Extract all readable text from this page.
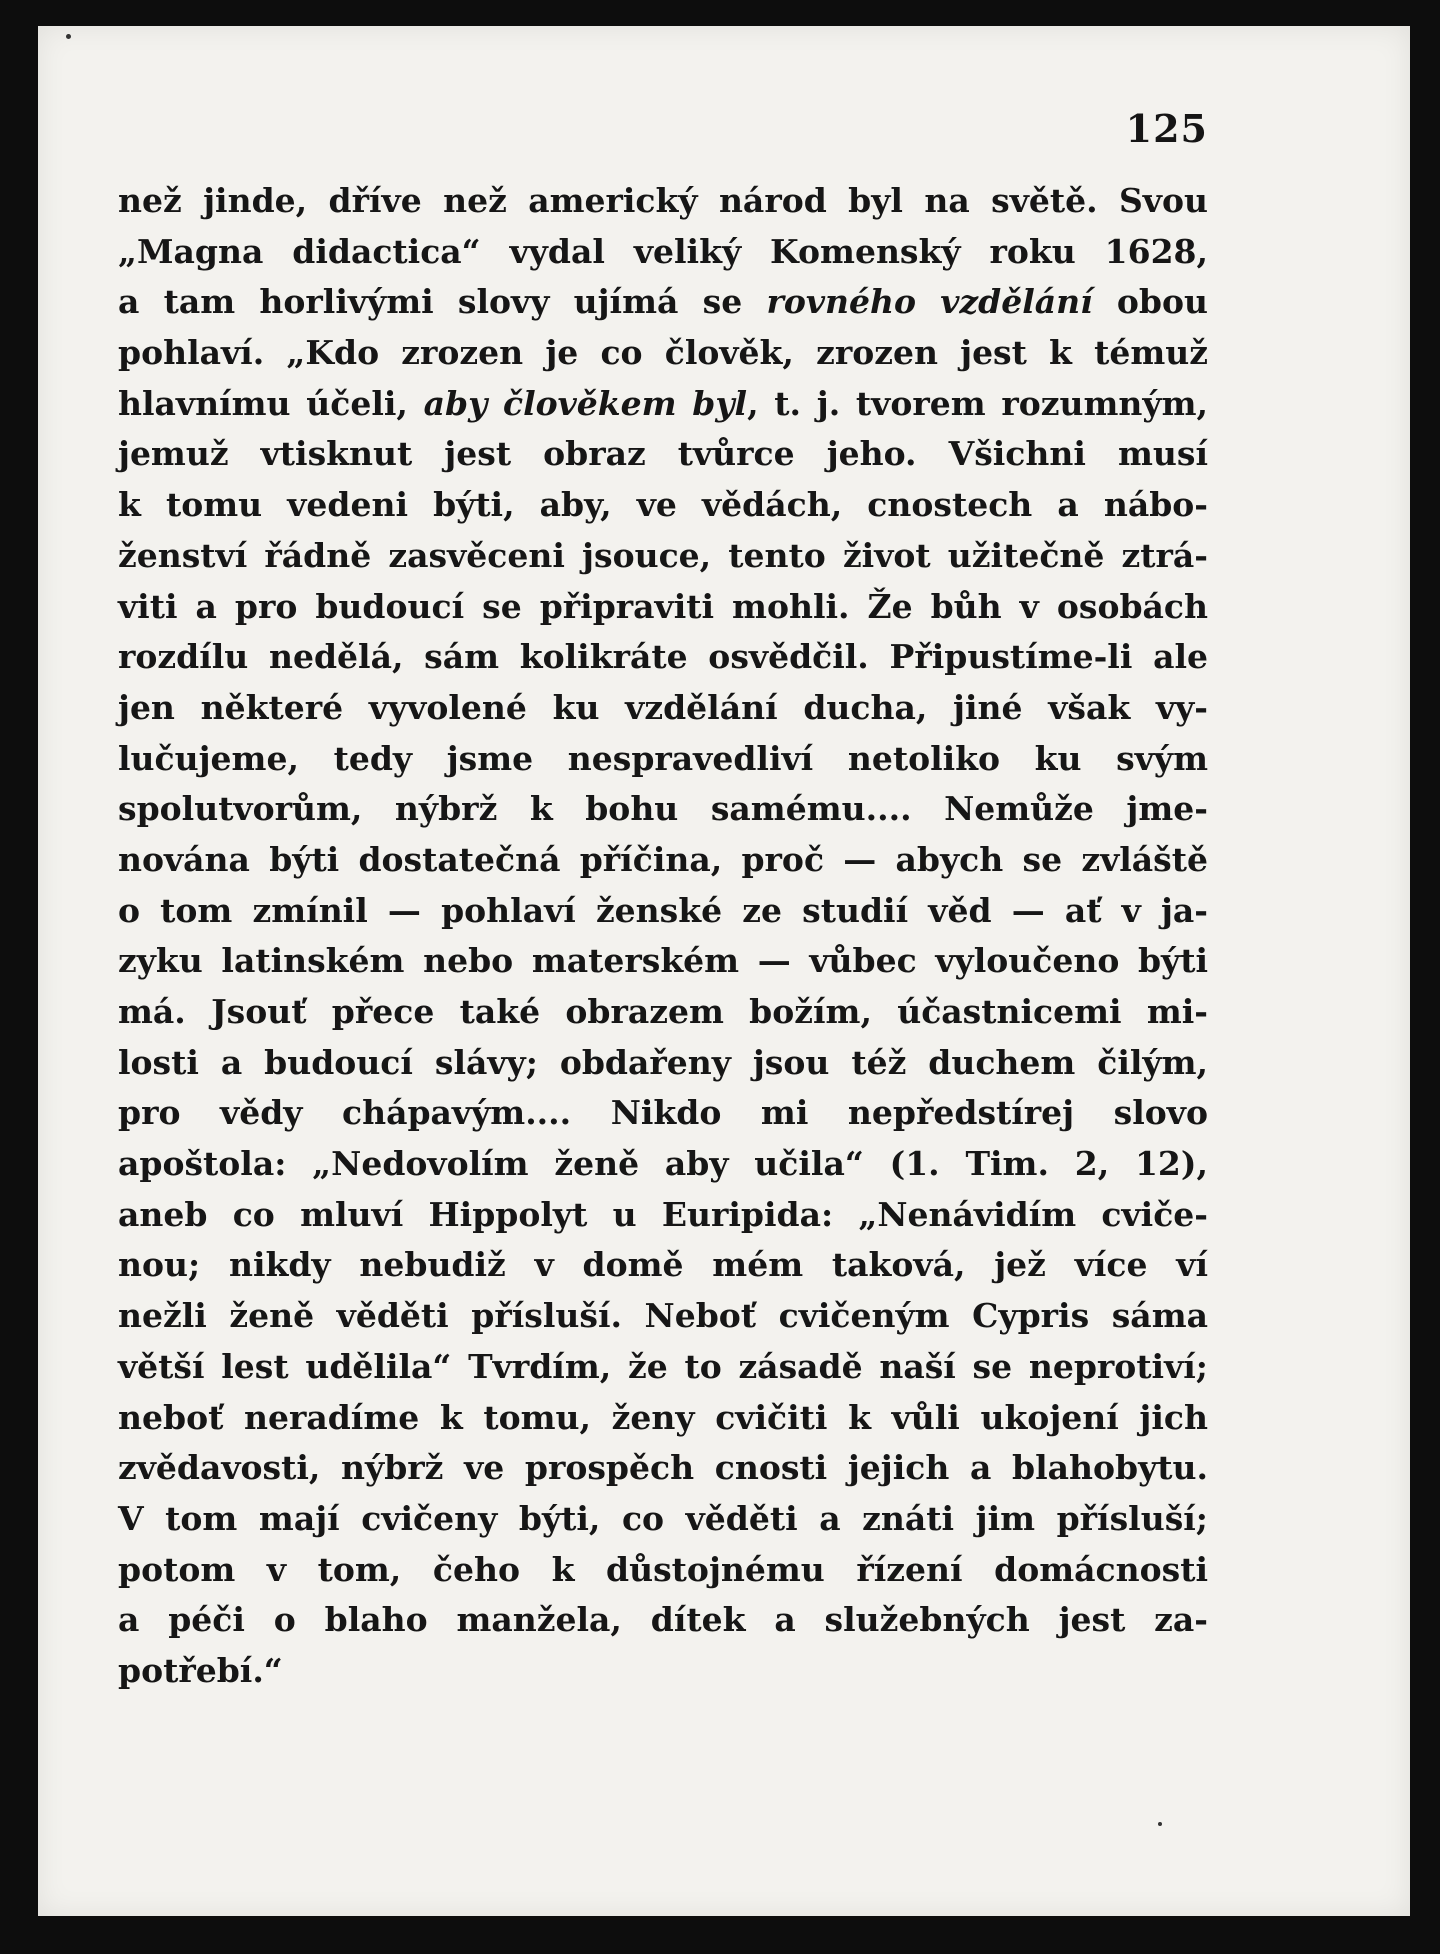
125
než jinde, dříve než americký národ byl na světě. Svou
„Magna didactica“ vydal veliký Komenský roku 1628,
a tam horlivými slovy ujímá se rovného vzdělání obou
pohlaví. „Kdo zrozen je co člověk, zrozen jest k témuž
hlavnímu účeli, aby člověkem byl, t. j. tvorem rozumným,
jemuž vtisknut jest obraz tvůrce jeho. Všichni musí
k tomu vedeni býti, aby, ve vědách, cnostech a nábo-
ženství řádně zasvěceni jsouce, tento život užitečně ztrá-
viti a pro budoucí se připraviti mohli. Že bůh v osobách
rozdílu nedělá, sám kolikráte osvědčil. Připustíme-li ale
jen některé vyvolené ku vzdělání ducha, jiné však vy-
lučujeme, tedy jsme nespravedliví netoliko ku svým
spolutvorům, nýbrž k bohu samému.... Nemůže jme-
nována býti dostatečná příčina, proč — abych se zvláště
o tom zmínil — pohlaví ženské ze studií věd — ať v ja-
zyku latinském nebo materském — vůbec vyloučeno býti
má. Jsouť přece také obrazem božím, účastnicemi mi-
losti a budoucí slávy; obdařeny jsou též duchem čilým,
pro vědy chápavým.... Nikdo mi nepředstírej slovo
apoštola: „Nedovolím ženě aby učila“ (1. Tim. 2, 12),
aneb co mluví Hippolyt u Euripida: „Nenávidím cviče-
nou; nikdy nebudiž v domě mém taková, jež více ví
nežli ženě věděti přísluší. Neboť cvičeným Cypris sáma
větší lest udělila“ Tvrdím, že to zásadě naší se neprotiví;
neboť neradíme k tomu, ženy cvičiti k vůli ukojení jich
zvědavosti, nýbrž ve prospěch cnosti jejich a blahobytu.
V tom mají cvičeny býti, co věděti a znáti jim přísluší;
potom v tom, čeho k důstojnému řízení domácnosti
a péči o blaho manžela, dítek a služebných jest za-
potřebí.“
